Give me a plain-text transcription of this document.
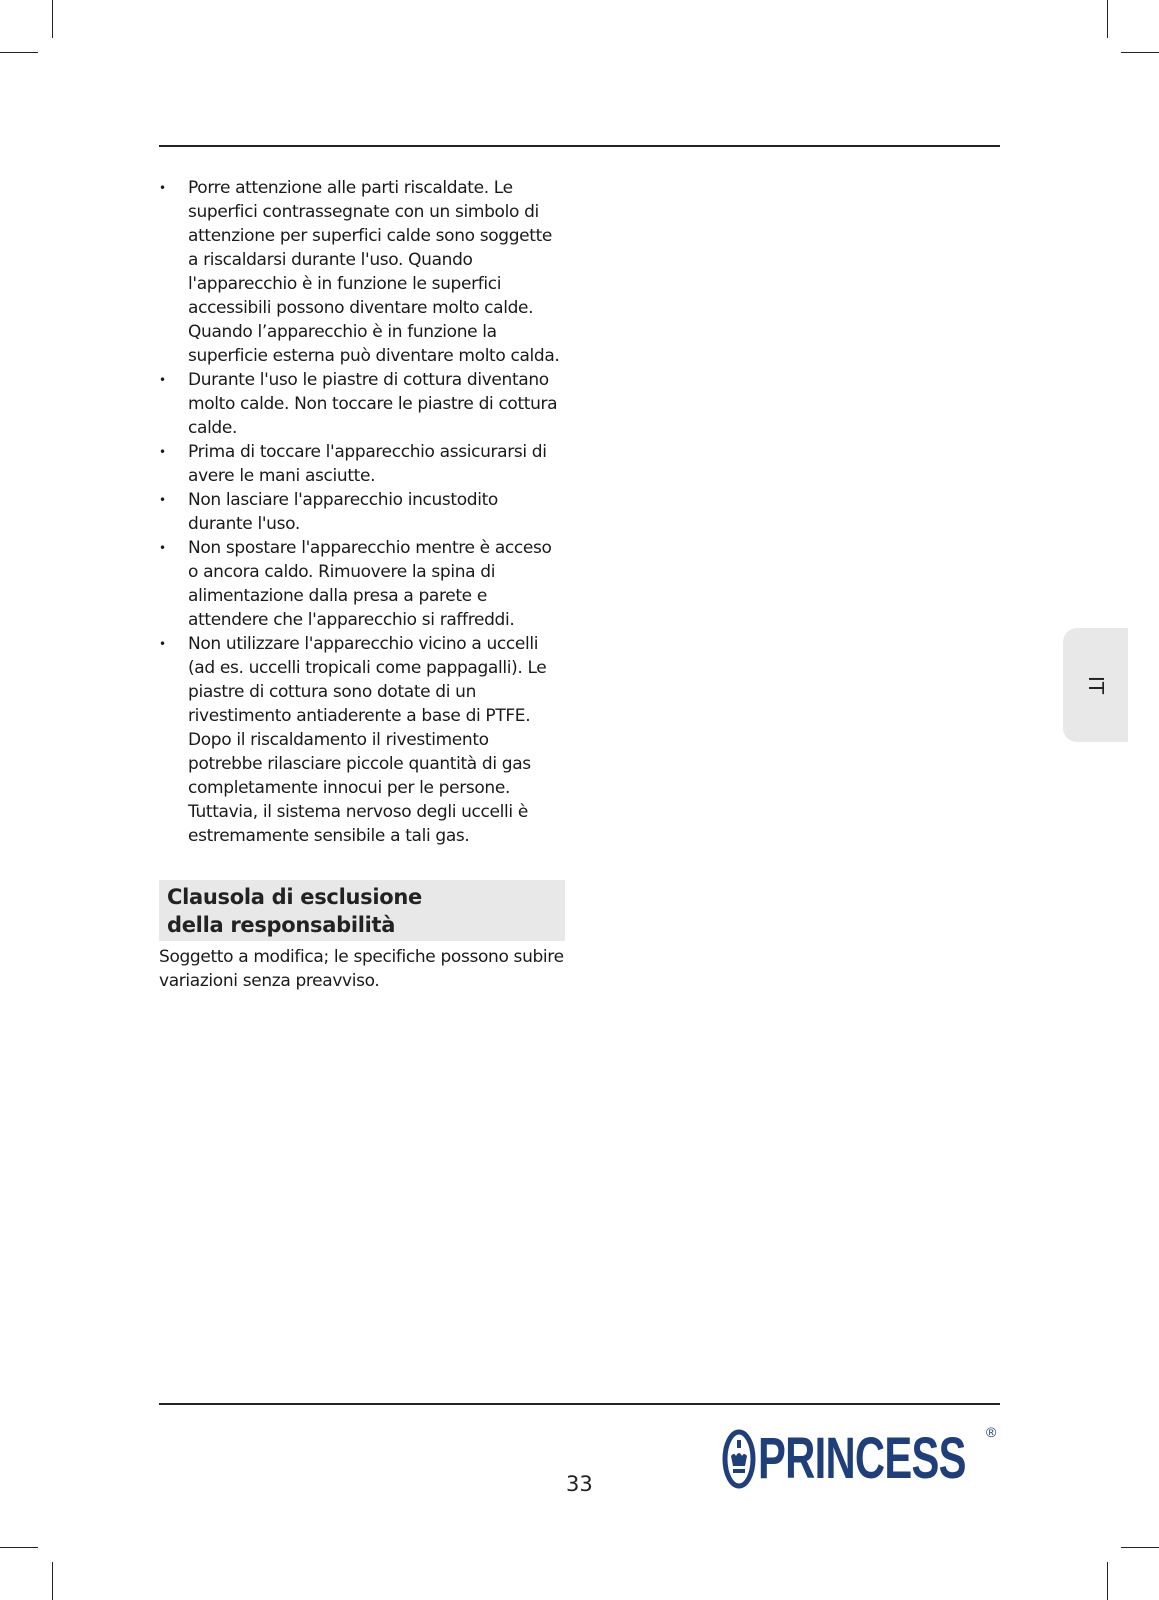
• Porre attenzione alle parti riscaldate. Le superfici contrassegnate con un simbolo di attenzione per superfici calde sono soggette a riscaldarsi durante l'uso. Quando l'apparecchio è in funzione le superfici accessibili possono diventare molto calde. Quando l’apparecchio è in funzione la superficie esterna può diventare molto calda.
• Durante l'uso le piastre di cottura diventano molto calde. Non toccare le piastre di cottura calde.
• Prima di toccare l'apparecchio assicurarsi di avere le mani asciutte.
• Non lasciare l'apparecchio incustodito durante l'uso.
• Non spostare l'apparecchio mentre è acceso o ancora caldo. Rimuovere la spina di alimentazione dalla presa a parete e attendere che l'apparecchio si raffreddi.
• Non utilizzare l'apparecchio vicino a uccelli (ad es. uccelli tropicali come pappagalli). Le piastre di cottura sono dotate di un rivestimento antiaderente a base di PTFE. Dopo il riscaldamento il rivestimento potrebbe rilasciare piccole quantità di gas completamente innocui per le persone. Tuttavia, il sistema nervoso degli uccelli è estremamente sensibile a tali gas.
Clausola di esclusione
della responsabilità
Soggetto a modifica; le specifiche possono subire variazioni senza preavviso.
IT
33	PRINCESS ®
